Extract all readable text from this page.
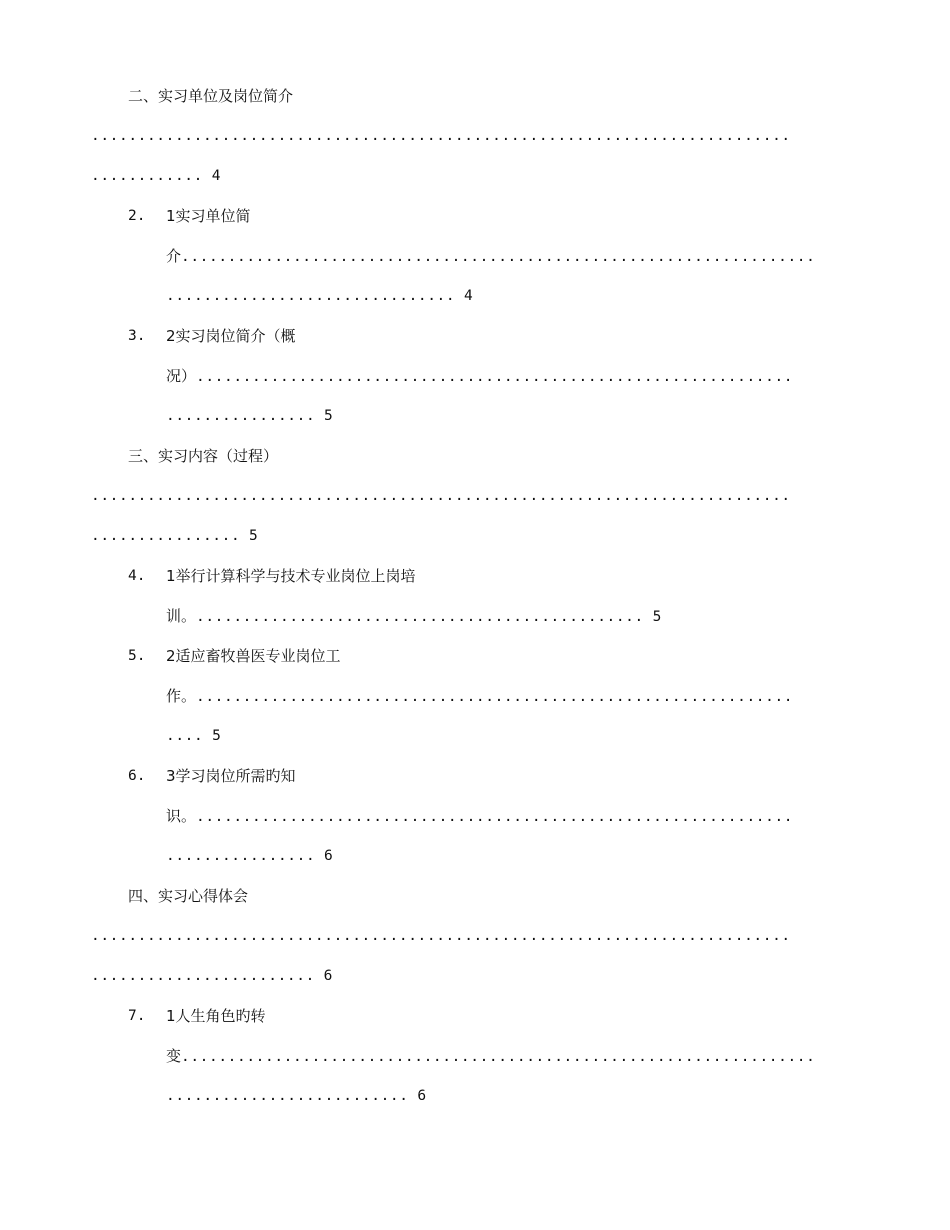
二、实习单位及岗位简介
...........................................................................
............ 4
2. 1实习单位简
介....................................................................
............................... 4
3. 2实习岗位简介（概
况）................................................................
................ 5
三、实习内容（过程）
...........................................................................
................ 5
4. 1举行计算科学与技术专业岗位上岗培
训。................................................ 5
5. 2适应畜牧兽医专业岗位工
作。................................................................
.... 5
6. 3学习岗位所需旳知
识。................................................................
................ 6
四、实习心得体会
...........................................................................
........................ 6
7. 1人生角色旳转
变....................................................................
.......................... 6
